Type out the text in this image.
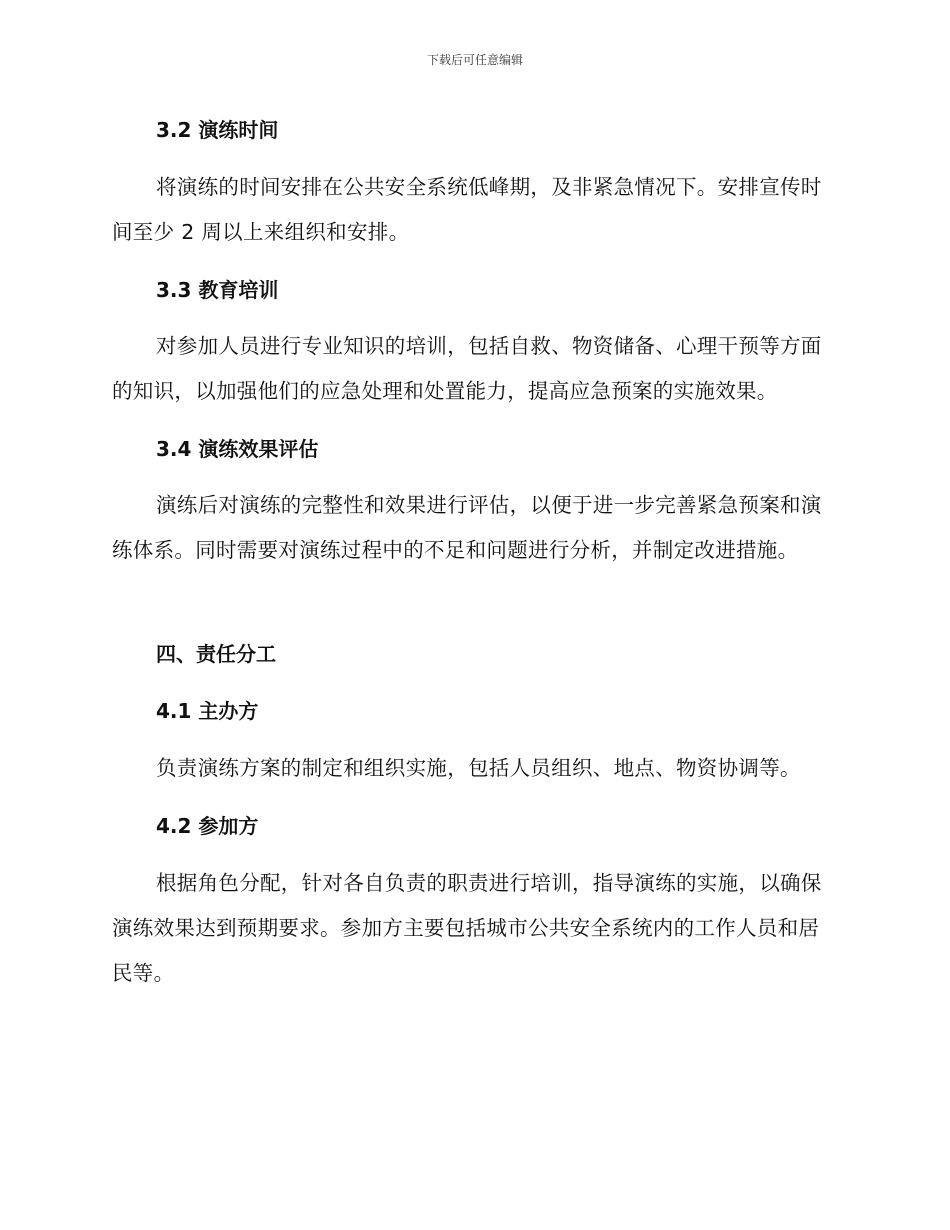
下载后可任意编辑
3.2 演练时间

将演练的时间安排在公共安全系统低峰期，及非紧急情况下。安排宣传时间至少 2 周以上来组织和安排。

3.3 教育培训

对参加人员进行专业知识的培训，包括自救、物资储备、心理干预等方面的知识，以加强他们的应急处理和处置能力，提高应急预案的实施效果。

3.4 演练效果评估

演练后对演练的完整性和效果进行评估，以便于进一步完善紧急预案和演练体系。同时需要对演练过程中的不足和问题进行分析，并制定改进措施。

四、责任分工
4.1 主办方

负责演练方案的制定和组织实施，包括人员组织、地点、物资协调等。

4.2 参加方

根据角色分配，针对各自负责的职责进行培训，指导演练的实施，以确保演练效果达到预期要求。参加方主要包括城市公共安全系统内的工作人员和居民等。
